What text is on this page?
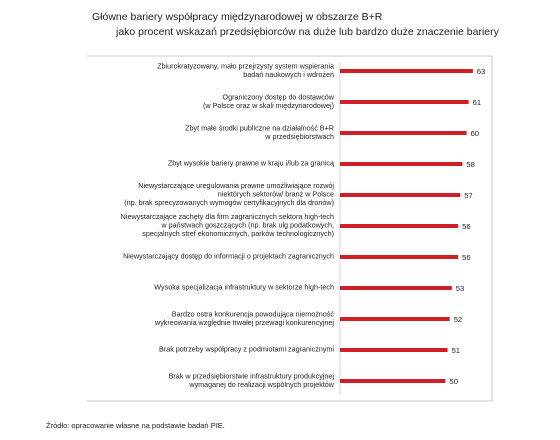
Główne bariery współpracy międzynarodowej w obszarze B+R
jako procent wskazań przedsiębiorców na duże lub bardzo duże znaczenie bariery
63
Zbiurokratyzowany, mało przejrzysty system wspierania
badań naukowych i wdrożeń
61
Ograniczony dostęp do dostawców
(w Polsce oraz w skali międzynarodowej)
60
Zbyt małe środki publiczne na działalność B+R
w przedsiębiorstwach
58
Zbyt wysokie bariery prawne w kraju i/lub za granicą
57
Niewystarczające uregulowania prawne umożliwiające rozwój
niektórych sektorów/ branż w Polsce
(np. brak sprecyzowanych wymogów certyfikacyjnych dla dronów)
56
Niewystarczające zachęty dla firm zagranicznych sektora high-tech
w państwach goszczących (np. brak ulg podatkowych,
specjalnych stref ekonomicznych, parków technologicznych)
56
Niewystarczający dostęp do informacji o projektach zagranicznych
53
Wysoka specjalizacja infrastruktury w sektorze high-tech
52
Bardzo ostra konkurencja powodująca niemożność
wykreowania względnie trwałej przewagi konkurencyjnej
51
Brak potrzeby współpracy z podmiotami zagranicznymi
50
Brak w przedsiębiorstwie infrastruktury produkcyjnej
wymaganej do realizacji wspólnych projektów
Źródło: opracowanie własne na podstawie badań PIE.
